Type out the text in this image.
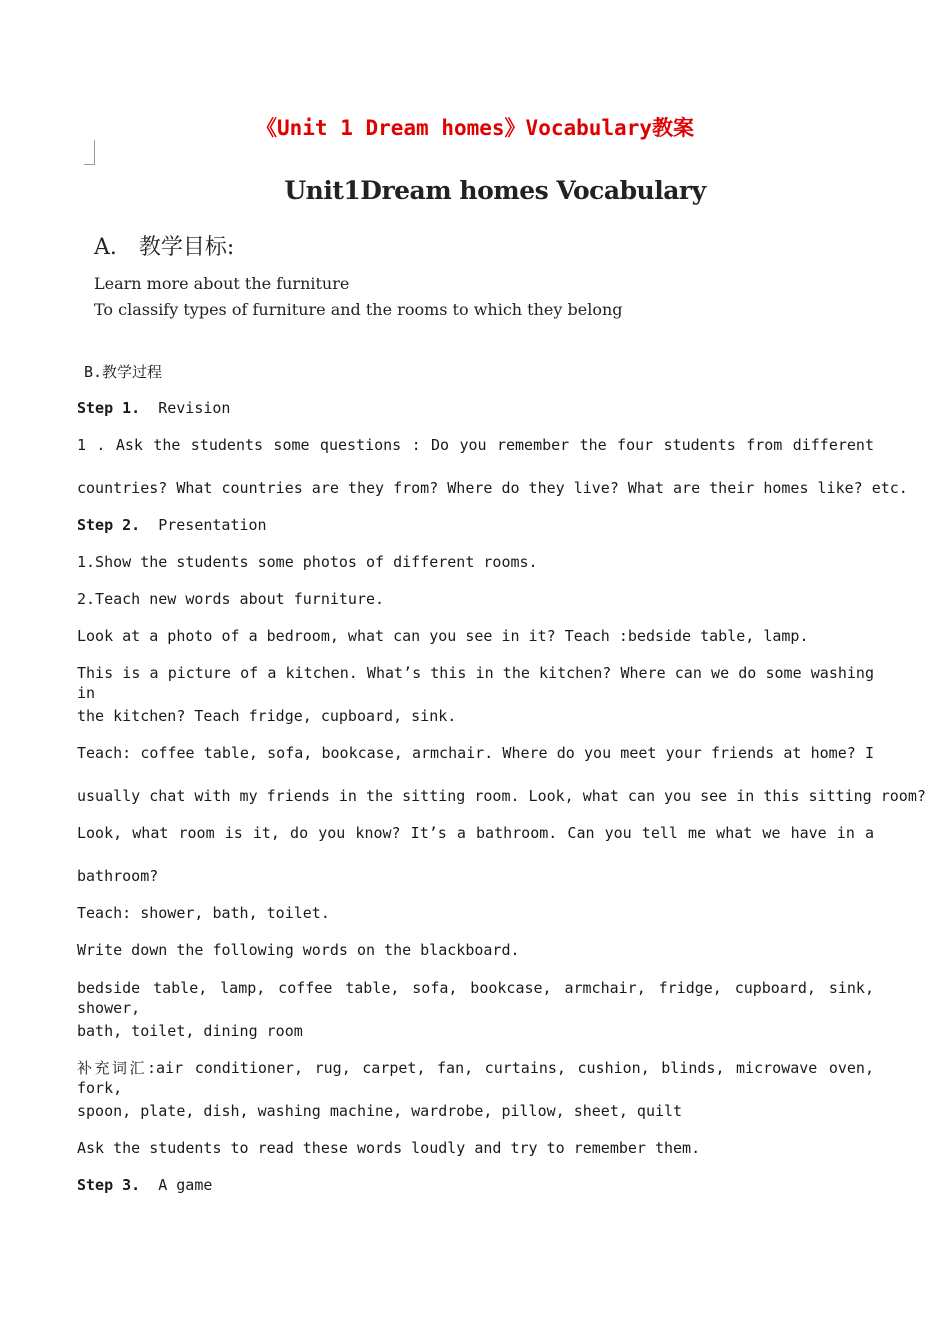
《Unit 1 Dream homes》Vocabulary教案
Unit1Dream homes Vocabulary
A. 教学目标:
Learn more about the furniture
To classify types of furniture and the rooms to which they belong
B.教学过程
Step 1. Revision
1 . Ask the students some questions : Do you remember the four students from different
countries? What countries are they from? Where do they live? What are their homes like? etc.
Step 2. Presentation
1.Show the students some photos of different rooms.
2.Teach new words about furniture.
Look at a photo of a bedroom, what can you see in it? Teach :bedside table, lamp.
This is a picture of a kitchen. What’s this in the kitchen? Where can we do some washing in
the kitchen? Teach fridge, cupboard, sink.
Teach: coffee table, sofa, bookcase, armchair. Where do you meet your friends at home? I
usually chat with my friends in the sitting room. Look, what can you see in this sitting room?
Look, what room is it, do you know? It’s a bathroom. Can you tell me what we have in a
bathroom?
Teach: shower, bath, toilet.
Write down the following words on the blackboard.
bedside table, lamp, coffee table, sofa, bookcase, armchair, fridge, cupboard, sink, shower,
bath, toilet, dining room
补充词汇:air conditioner, rug, carpet, fan, curtains, cushion, blinds, microwave oven, fork,
spoon, plate, dish, washing machine, wardrobe, pillow, sheet, quilt
Ask the students to read these words loudly and try to remember them.
Step 3. A game
